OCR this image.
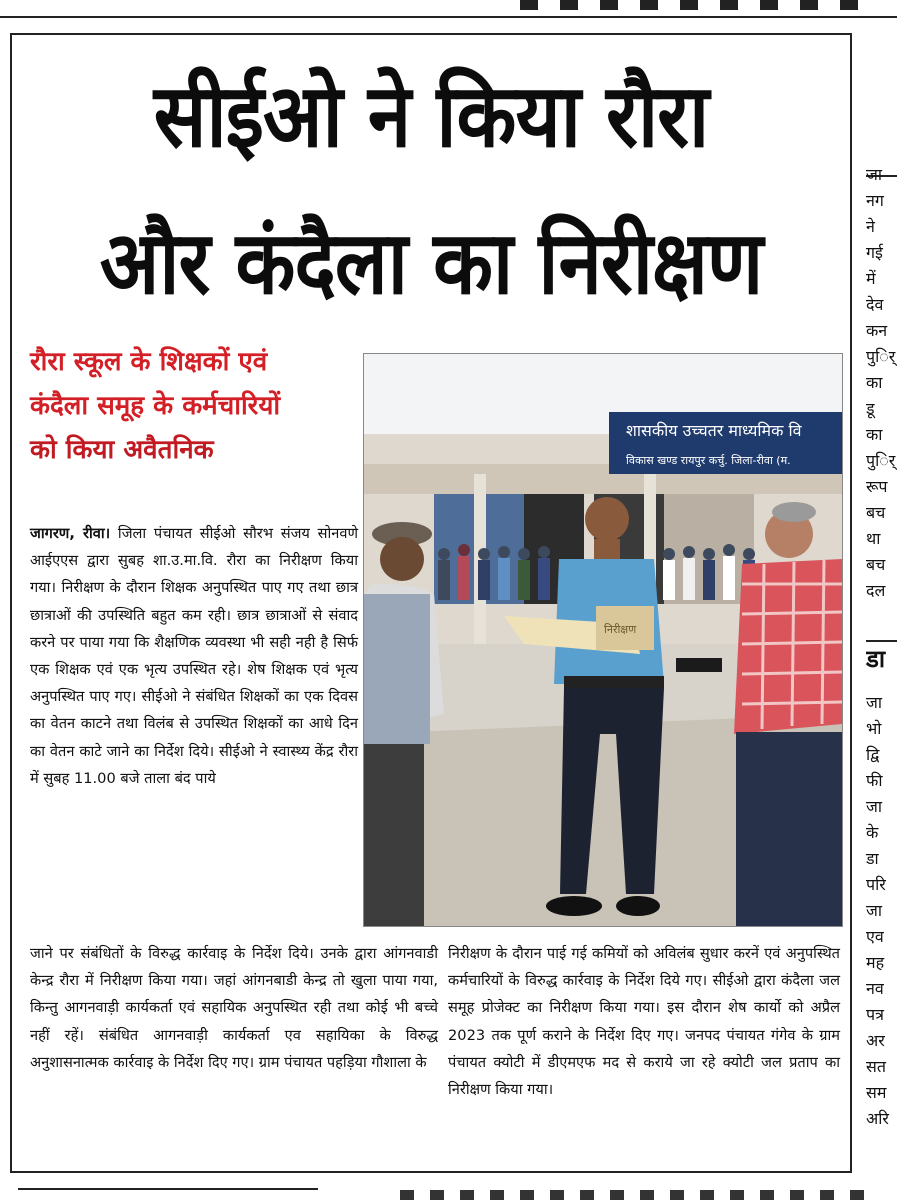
सीईओ ने किया रौरा
और कंदैला का निरीक्षण
रौरा स्कूल के शिक्षकों एवं
कंदैला समूह के कर्मचारियों
को किया अवैतनिक

जागरण, रीवा। जिला पंचायत सीईओ सौरभ संजय सोनवणे आईएएस द्वारा सुबह शा.उ.मा.वि. रौरा का निरीक्षण किया गया। निरीक्षण के दौरान शिक्षक अनुपस्थित पाए गए तथा छात्र छात्राओं की उपस्थिति बहुत कम रही। छात्र छात्राओं से संवाद करने पर पाया गया कि शैक्षणिक व्यवस्था भी सही नही है सिर्फ एक शिक्षक एवं एक भृत्य उपस्थित रहे। शेष शिक्षक एवं भृत्य अनुपस्थित पाए गए। सीईओ ने संबंधित शिक्षकों का एक दिवस का वेतन काटने तथा विलंब से उपस्थित शिक्षकों का आधे दिन का वेतन काटे जाने का निर्देश दिये। सीईओ ने स्वास्थ्य केंद्र रौरा में सुबह 11.00 बजे ताला बंद पाये

शासकीय उच्चतर माध्यमिक वि
विकास खण्ड रायपुर कर्चु. जिला-रीवा (म.
निरीक्षण

जाने पर संबंधितों के विरुद्ध कार्रवाइ के निर्देश दिये। उनके द्वारा आंगनवाडी केन्द्र रौरा में निरीक्षण किया गया। जहां आंगनबाडी केन्द्र तो खुला पाया गया, किन्तु आगनवाड़ी कार्यकर्ता एवं सहायिक अनुपस्थित रही तथा कोई भी बच्चे नहीं रहें। संबंधित आगनवाड़ी कार्यकर्ता एव सहायिका के विरुद्ध अनुशासनात्मक कार्रवाइ के निर्देश दिए गए। ग्राम पंचायत पहड़िया गौशाला के

निरीक्षण के दौरान पाई गई कमियों को अविलंब सुधार करनें एवं अनुपस्थित कर्मचारियों के विरुद्ध कार्रवाइ के निर्देश दिये गए। सीईओ द्वारा कंदैला जल समूह प्रोजेक्ट का निरीक्षण किया गया। इस दौरान शेष कार्यो को अप्रैल 2023 तक पूर्ण कराने के निर्देश दिए गए। जनपद पंचायत गंगेव के ग्राम पंचायत क्योटी में डीएमएफ मद से कराये जा रहे क्योटी जल प्रताप का निरीक्षण किया गया।

जा
नग
ने
गई
में
देव
कन
पुर्ि
का
डू
का
पुर्ि
रूप
बच
था
बच
दल
डा
जा
भो
द्वि
फी
जा
के
डा
परि
जा
एव
मह
नव
पत्र
अर
सत
सम
अरि
